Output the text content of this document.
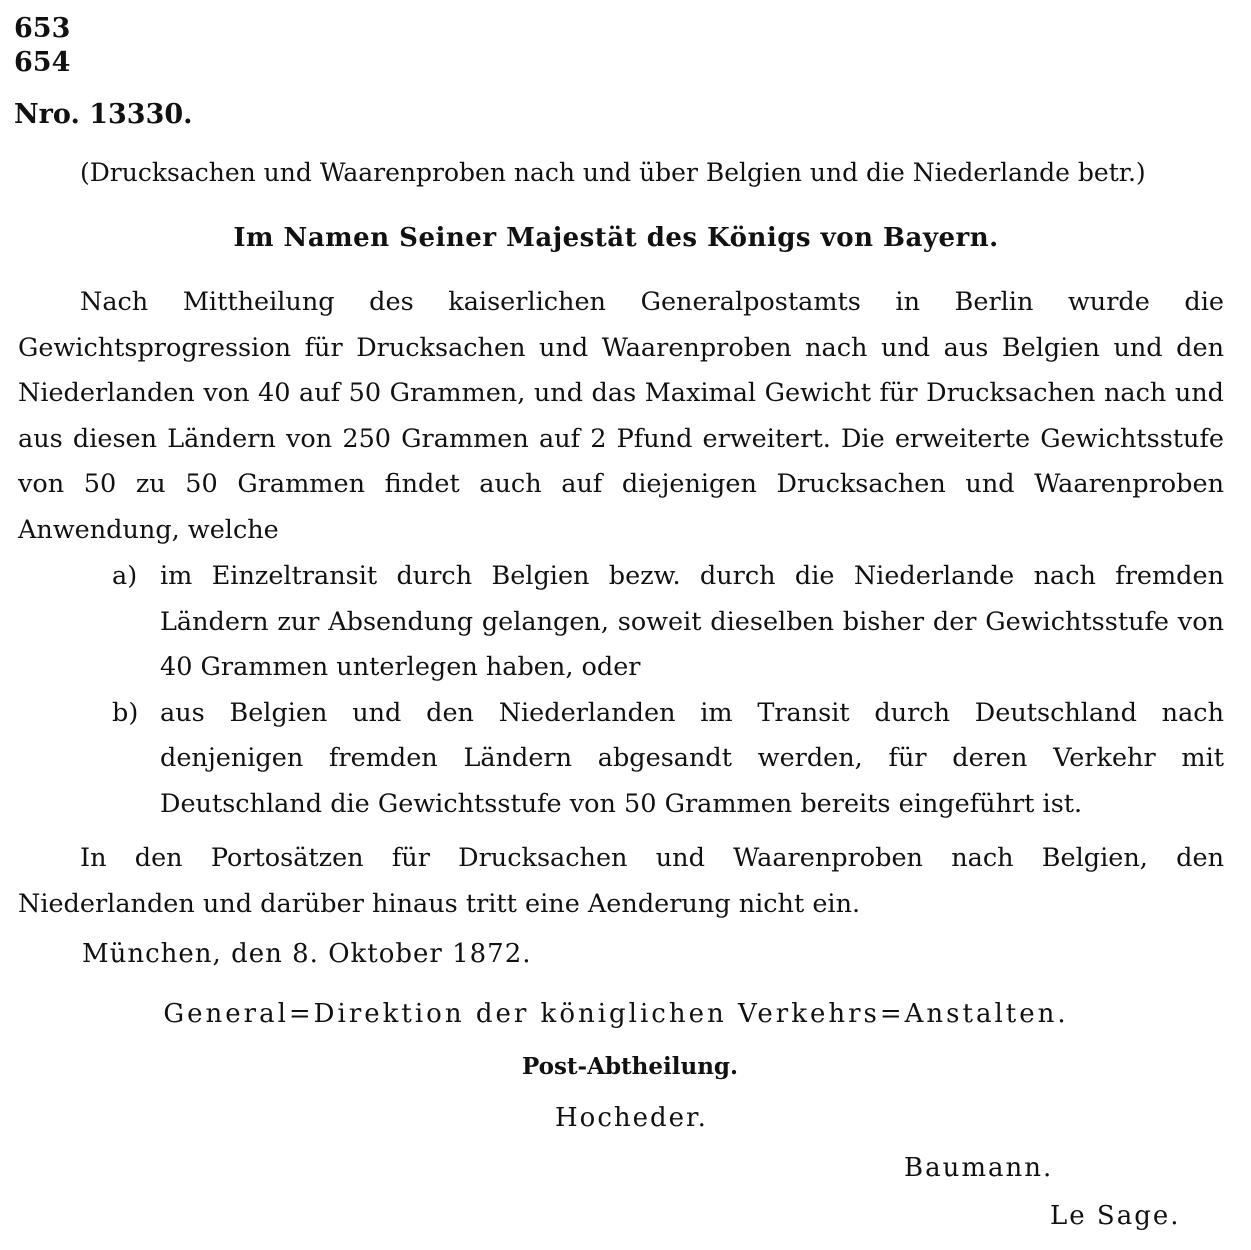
653
654
Nro. 13330.
(Drucksachen und Waarenproben nach und über Belgien und die Niederlande betr.)
Im Namen Seiner Majestät des Königs von Bayern.

Nach Mittheilung des kaiserlichen Generalpostamts in Berlin wurde die Gewichtsprogression für Drucksachen und Waarenproben nach und aus Belgien und den Niederlanden von 40 auf 50 Grammen, und das Maximal Gewicht für Drucksachen nach und aus diesen Ländern von 250 Grammen auf 2 Pfund erweitert. Die erweiterte Gewichtsstufe von 50 zu 50 Grammen findet auch auf diejenigen Drucksachen und Waarenproben Anwendung, welche

a) im Einzeltransit durch Belgien bezw. durch die Niederlande nach fremden Ländern zur Absendung gelangen, soweit dieselben bisher der Gewichtsstufe von 40 Grammen unterlegen haben, oder
b) aus Belgien und den Niederlanden im Transit durch Deutschland nach denjenigen fremden Ländern abgesandt werden, für deren Verkehr mit Deutschland die Gewichtsstufe von 50 Grammen bereits eingeführt ist.

In den Portosätzen für Drucksachen und Waarenproben nach Belgien, den Niederlanden und darüber hinaus tritt eine Aenderung nicht ein.

München, den 8. Oktober 1872.
General=Direktion der königlichen Verkehrs=Anstalten.
Post-Abtheilung.
Hocheder.
Baumann.
Le Sage.
